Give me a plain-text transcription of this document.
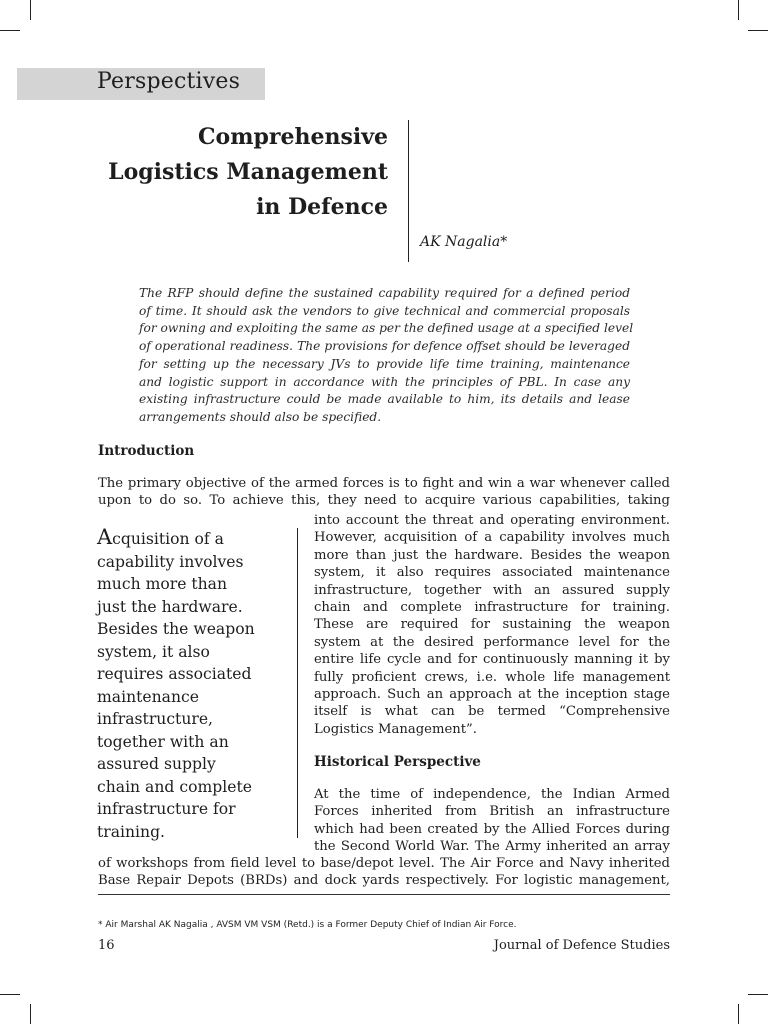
Perspectives
Comprehensive
Logistics Management
in Defence
AK Nagalia*
The RFP should define the sustained capability required for a defined period
of time. It should ask the vendors to give technical and commercial proposals
for owning and exploiting the same as per the defined usage at a specified level
of operational readiness. The provisions for defence offset should be leveraged
for setting up the necessary JVs to provide life time training, maintenance
and logistic support in accordance with the principles of PBL. In case any
existing infrastructure could be made available to him, its details and lease
arrangements should also be specified.
Introduction
The primary objective of the armed forces is to fight and win a war whenever called
upon to do so. To achieve this, they need to acquire various capabilities, taking
Acquisition of a
capability involves
much more than
just the hardware.
Besides the weapon
system, it also
requires associated
maintenance
infrastructure,
together with an
assured supply
chain and complete
infrastructure for
training.
into account the threat and operating environment.
However, acquisition of a capability involves much
more than just the hardware. Besides the weapon
system, it also requires associated maintenance
infrastructure, together with an assured supply
chain and complete infrastructure for training.
These are required for sustaining the weapon
system at the desired performance level for the
entire life cycle and for continuously manning it by
fully proficient crews, i.e. whole life management
approach. Such an approach at the inception stage
itself is what can be termed “Comprehensive
Logistics Management”.
Historical Perspective
At the time of independence, the Indian Armed
Forces inherited from British an infrastructure
which had been created by the Allied Forces during
the Second World War. The Army inherited an array
of workshops from field level to base/depot level. The Air Force and Navy inherited
Base Repair Depots (BRDs) and dock yards respectively. For logistic management,
* Air Marshal AK Nagalia , AVSM VM VSM (Retd.) is a Former Deputy Chief of Indian Air Force.
16	Journal of Defence Studies
